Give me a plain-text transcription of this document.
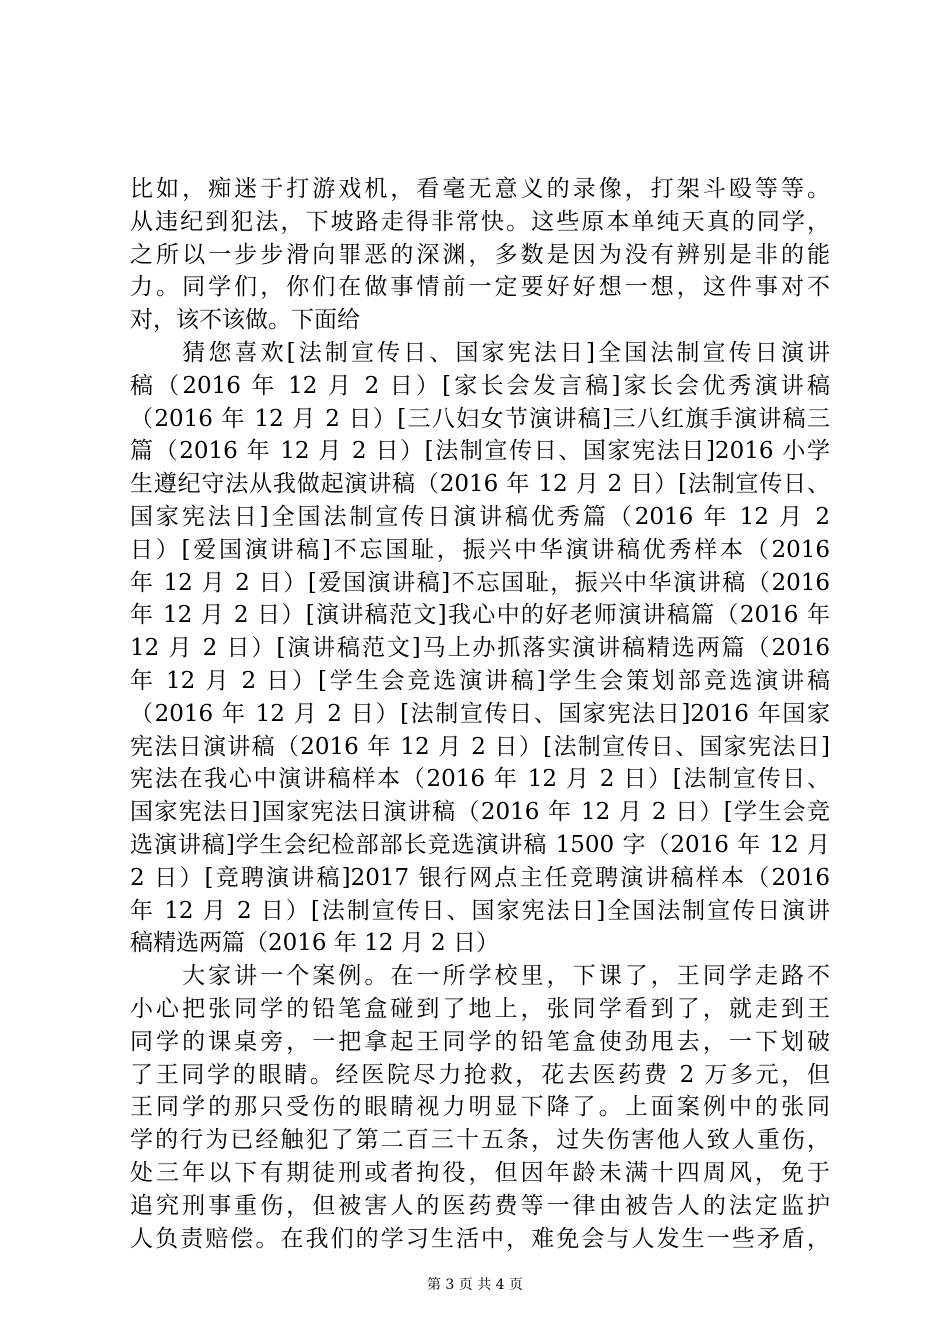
比如，痴迷于打游戏机，看毫无意义的录像，打架斗殴等等。
从违纪到犯法，下坡路走得非常快。这些原本单纯天真的同学，
之所以一步步滑向罪恶的深渊，多数是因为没有辨别是非的能
力。同学们，你们在做事情前一定要好好想一想，这件事对不
对，该不该做。下面给
　　猜您喜欢[法制宣传日、国家宪法日]全国法制宣传日演讲
稿（2016 年 12 月 2 日）[家长会发言稿]家长会优秀演讲稿
（2016 年 12 月 2 日）[三八妇女节演讲稿]三八红旗手演讲稿三
篇（2016 年 12 月 2 日）[法制宣传日、国家宪法日]2016 小学
生遵纪守法从我做起演讲稿（2016 年 12 月 2 日）[法制宣传日、
国家宪法日]全国法制宣传日演讲稿优秀篇（2016 年 12 月 2
日）[爱国演讲稿]不忘国耻，振兴中华演讲稿优秀样本（2016
年 12 月 2 日）[爱国演讲稿]不忘国耻，振兴中华演讲稿（2016
年 12 月 2 日）[演讲稿范文]我心中的好老师演讲稿篇（2016 年
12 月 2 日）[演讲稿范文]马上办抓落实演讲稿精选两篇（2016
年 12 月 2 日）[学生会竞选演讲稿]学生会策划部竞选演讲稿
（2016 年 12 月 2 日）[法制宣传日、国家宪法日]2016 年国家
宪法日演讲稿（2016 年 12 月 2 日）[法制宣传日、国家宪法日]
宪法在我心中演讲稿样本（2016 年 12 月 2 日）[法制宣传日、
国家宪法日]国家宪法日演讲稿（2016 年 12 月 2 日）[学生会竞
选演讲稿]学生会纪检部部长竞选演讲稿 1500 字（2016 年 12 月
2 日）[竞聘演讲稿]2017 银行网点主任竞聘演讲稿样本（2016
年 12 月 2 日）[法制宣传日、国家宪法日]全国法制宣传日演讲
稿精选两篇（2016 年 12 月 2 日）
　　大家讲一个案例。在一所学校里，下课了，王同学走路不
小心把张同学的铅笔盒碰到了地上，张同学看到了，就走到王
同学的课桌旁，一把拿起王同学的铅笔盒使劲甩去，一下划破
了王同学的眼睛。经医院尽力抢救，花去医药费 2 万多元，但
王同学的那只受伤的眼睛视力明显下降了。上面案例中的张同
学的行为已经触犯了第二百三十五条，过失伤害他人致人重伤，
处三年以下有期徒刑或者拘役，但因年龄未满十四周风，免于
追究刑事重伤，但被害人的医药费等一律由被告人的法定监护
人负责赔偿。在我们的学习生活中，难免会与人发生一些矛盾，
第 3 页 共 4 页
